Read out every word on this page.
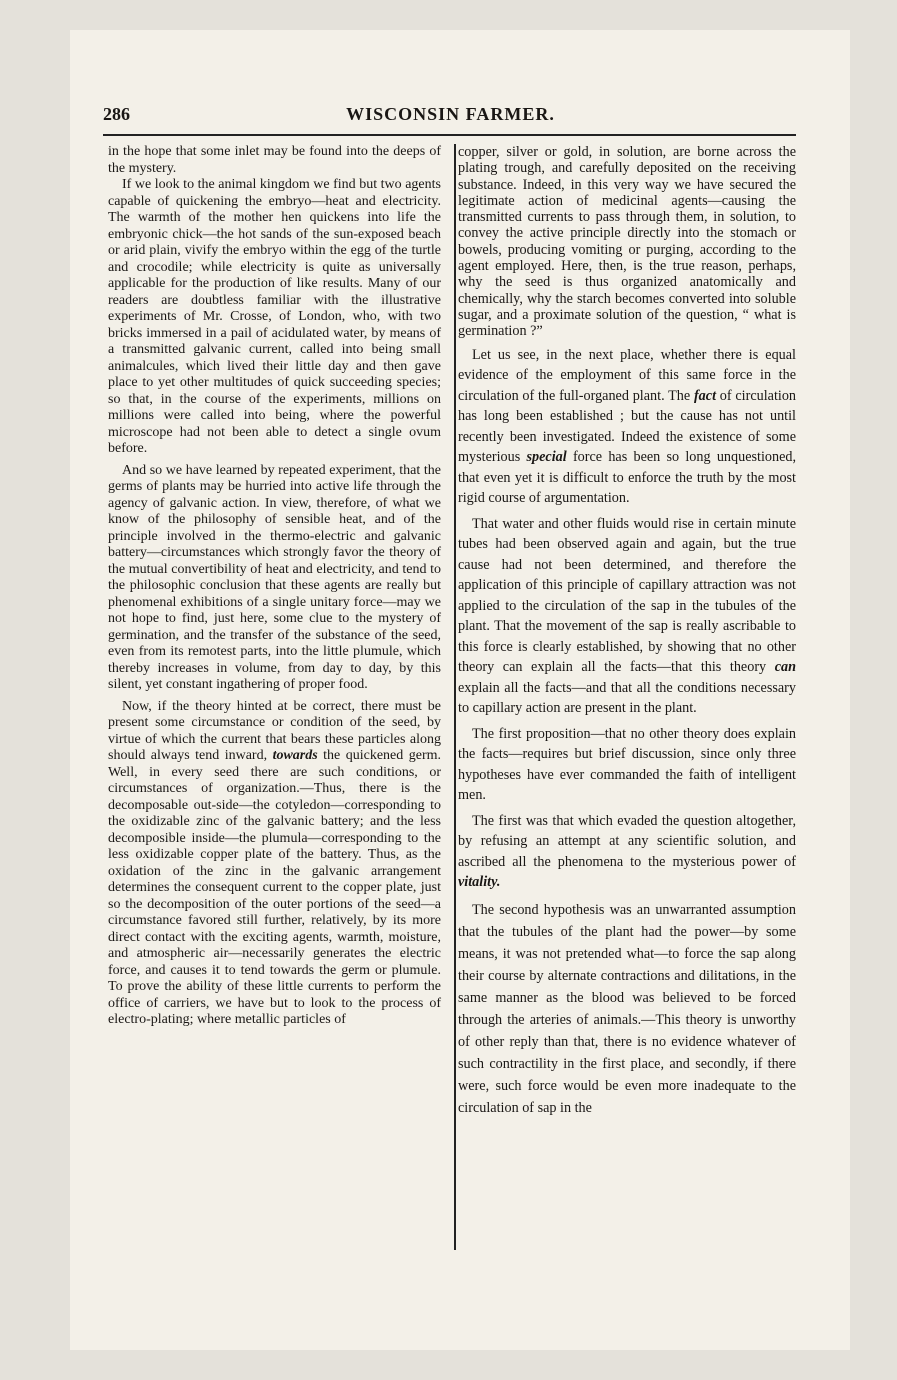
286	WISCONSIN FARMER.

in the hope that some inlet may be found into the deeps of the mystery.

If we look to the animal kingdom we find but two agents capable of quickening the embryo—heat and electricity. The warmth of the mother hen quickens into life the embryonic chick—the hot sands of the sun-exposed beach or arid plain, vivify the embryo within the egg of the turtle and crocodile; while electricity is quite as universally applicable for the production of like results. Many of our readers are doubtless familiar with the illustrative experiments of Mr. Crosse, of London, who, with two bricks immersed in a pail of acidulated water, by means of a transmitted galvanic current, called into being small animalcules, which lived their little day and then gave place to yet other multitudes of quick succeeding species; so that, in the course of the experiments, millions on millions were called into being, where the powerful microscope had not been able to detect a single ovum before.

And so we have learned by repeated experiment, that the germs of plants may be hurried into active life through the agency of galvanic action. In view, therefore, of what we know of the philosophy of sensible heat, and of the principle involved in the thermo-electric and galvanic battery—circumstances which strongly favor the theory of the mutual convertibility of heat and electricity, and tend to the philosophic conclusion that these agents are really but phenomenal exhibitions of a single unitary force—may we not hope to find, just here, some clue to the mystery of germination, and the transfer of the substance of the seed, even from its remotest parts, into the little plumule, which thereby increases in volume, from day to day, by this silent, yet constant ingathering of proper food.

Now, if the theory hinted at be correct, there must be present some circumstance or condition of the seed, by virtue of which the current that bears these particles along should always tend inward, towards the quickened germ. Well, in every seed there are such conditions, or circumstances of organization.—Thus, there is the decomposable out-side—the cotyledon—corresponding to the oxidizable zinc of the galvanic battery; and the less decomposible inside—the plumula—corresponding to the less oxidizable copper plate of the battery. Thus, as the oxidation of the zinc in the galvanic arrangement determines the consequent current to the copper plate, just so the decomposition of the outer portions of the seed—a circumstance favored still further, relatively, by its more direct contact with the exciting agents, warmth, moisture, and atmospheric air—necessarily generates the electric force, and causes it to tend towards the germ or plumule. To prove the ability of these little currents to perform the office of carriers, we have but to look to the process of electro-plating; where metallic particles of

copper, silver or gold, in solution, are borne across the plating trough, and carefully deposited on the receiving substance. Indeed, in this very way we have secured the legitimate action of medicinal agents—causing the transmitted currents to pass through them, in solution, to convey the active principle directly into the stomach or bowels, producing vomiting or purging, according to the agent employed. Here, then, is the true reason, perhaps, why the seed is thus organized anatomically and chemically, why the starch becomes converted into soluble sugar, and a proximate solution of the question, “ what is germination ?”

Let us see, in the next place, whether there is equal evidence of the employment of this same force in the circulation of the full-organed plant. The fact of circulation has long been established ; but the cause has not until recently been investigated. Indeed the existence of some mysterious special force has been so long unquestioned, that even yet it is difficult to enforce the truth by the most rigid course of argumentation.

That water and other fluids would rise in certain minute tubes had been observed again and again, but the true cause had not been determined, and therefore the application of this principle of capillary attraction was not applied to the circulation of the sap in the tubules of the plant. That the movement of the sap is really ascribable to this force is clearly established, by showing that no other theory can explain all the facts—that this theory can explain all the facts—and that all the conditions necessary to capillary action are present in the plant.

The first proposition—that no other theory does explain the facts—requires but brief discussion, since only three hypotheses have ever commanded the faith of intelligent men.

The first was that which evaded the question altogether, by refusing an attempt at any scientific solution, and ascribed all the phenomena to the mysterious power of vitality.

The second hypothesis was an unwarranted assumption that the tubules of the plant had the power—by some means, it was not pretended what—to force the sap along their course by alternate contractions and dilitations, in the same manner as the blood was believed to be forced through the arteries of animals.—This theory is unworthy of other reply than that, there is no evidence whatever of such contractility in the first place, and secondly, if there were, such force would be even more inadequate to the circulation of sap in the
